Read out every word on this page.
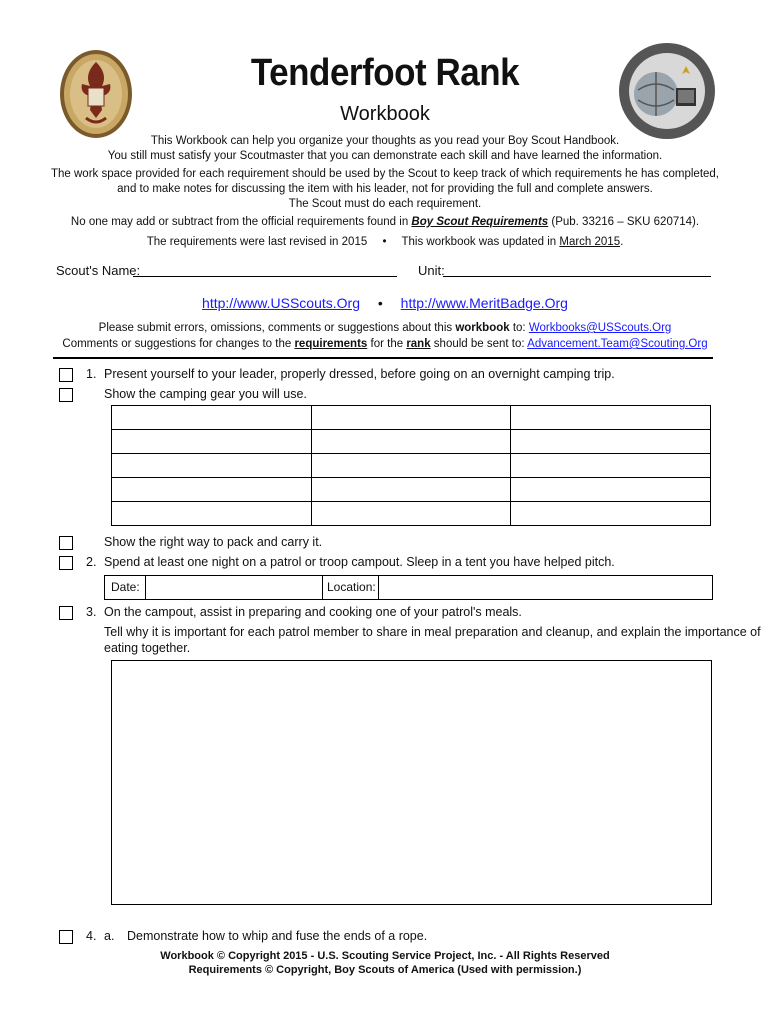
Tenderfoot Rank
Workbook
This Workbook can help you organize your thoughts as you read your Boy Scout Handbook.
You still must satisfy your Scoutmaster that you can demonstrate each skill and have learned the information.
The work space provided for each requirement should be used by the Scout to keep track of which requirements he has completed,
and to make notes for discussing the item with his leader, not for providing the full and complete answers.
The Scout must do each requirement.
No one may add or subtract from the official requirements found in Boy Scout Requirements (Pub. 33216 – SKU 620714).
The requirements were last revised in 2015 • This workbook was updated in March 2015.
Scout's Name:	Unit:
http://www.USScouts.Org • http://www.MeritBadge.Org
Please submit errors, omissions, comments or suggestions about this workbook to: Workbooks@USScouts.Org
Comments or suggestions for changes to the requirements for the rank should be sent to: Advancement.Team@Scouting.Org
1. Present yourself to your leader, properly dressed, before going on an overnight camping trip.
Show the camping gear you will use.

Show the right way to pack and carry it.
2. Spend at least one night on a patrol or troop campout. Sleep in a tent you have helped pitch.
Date:	Location:
3. On the campout, assist in preparing and cooking one of your patrol's meals.
Tell why it is important for each patrol member to share in meal preparation and cleanup, and explain the importance of
eating together.
4. a. Demonstrate how to whip and fuse the ends of a rope.
Workbook © Copyright 2015 - U.S. Scouting Service Project, Inc. - All Rights Reserved
Requirements © Copyright, Boy Scouts of America (Used with permission.)
